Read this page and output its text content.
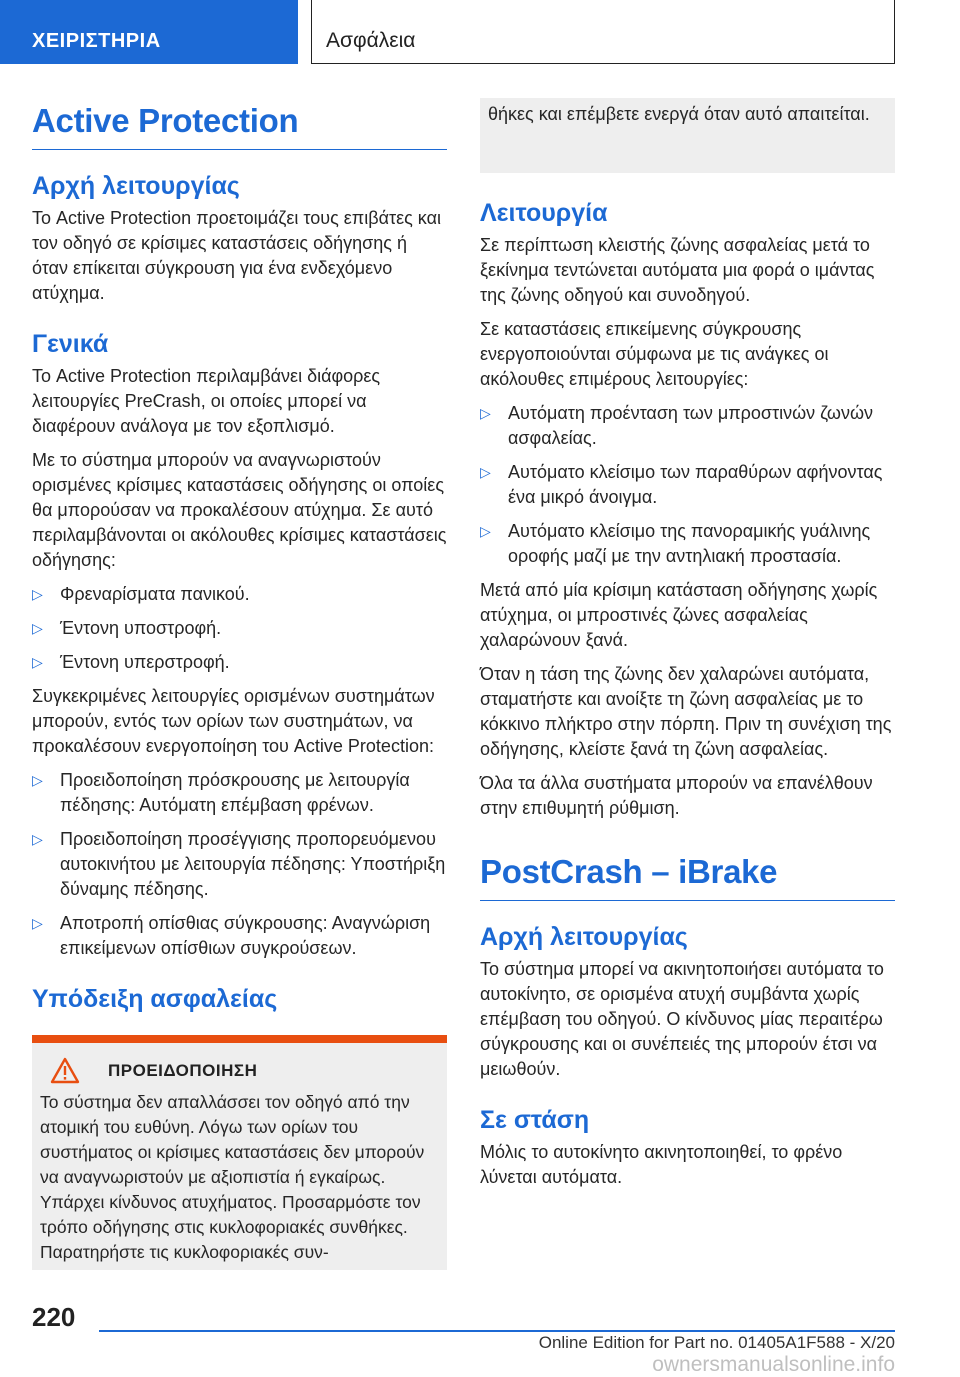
ΧΕΙΡΙΣΤΗΡΙΑ	Ασφάλεια
Active Protection
Αρχή λειτουργίας

Το Active Protection προετοιμάζει τους επιβάτες και τον οδηγό σε κρίσιμες καταστάσεις οδήγησης ή όταν επίκειται σύγκρουση για ένα ενδεχόμενο ατύχημα.

Γενικά

Το Active Protection περιλαμβάνει διάφορες λειτουργίες PreCrash, οι οποίες μπορεί να διαφέρουν ανάλογα με τον εξοπλισμό.

Με το σύστημα μπορούν να αναγνωριστούν ορισμένες κρίσιμες καταστάσεις οδήγησης οι οποίες θα μπορούσαν να προκαλέσουν ατύχημα. Σε αυτό περιλαμβάνονται οι ακόλουθες κρίσιμες καταστάσεις οδήγησης:

▷ Φρεναρίσματα πανικού.
▷ Έντονη υποστροφή.
▷ Έντονη υπερστροφή.

Συγκεκριμένες λειτουργίες ορισμένων συστημάτων μπορούν, εντός των ορίων των συστημάτων, να προκαλέσουν ενεργοποίηση του Active Protection:

▷ Προειδοποίηση πρόσκρουσης με λειτουργία πέδησης: Αυτόματη επέμβαση φρένων.
▷ Προειδοποίηση προσέγγισης προπορευόμενου αυτοκινήτου με λειτουργία πέδησης: Υποστήριξη δύναμης πέδησης.
▷ Αποτροπή οπίσθιας σύγκρουσης: Αναγνώριση επικείμενων οπίσθιων συγκρούσεων.
Υπόδειξη ασφαλείας
ΠΡΟΕΙΔΟΠΟΙΗΣΗ

Το σύστημα δεν απαλλάσσει τον οδηγό από την ατομική του ευθύνη. Λόγω των ορίων του συστήματος οι κρίσιμες καταστάσεις δεν μπορούν να αναγνωριστούν με αξιοπιστία ή εγκαίρως. Υπάρχει κίνδυνος ατυχήματος. Προσαρμόστε τον τρόπο οδήγησης στις κυκλοφοριακές συνθήκες. Παρατηρήστε τις κυκλοφοριακές συν-

θήκες και επέμβετε ενεργά όταν αυτό απαιτείται.

Λειτουργία

Σε περίπτωση κλειστής ζώνης ασφαλείας μετά το ξεκίνημα τεντώνεται αυτόματα μια φορά ο ιμάντας της ζώνης οδηγού και συνοδηγού.

Σε καταστάσεις επικείμενης σύγκρουσης ενεργοποιούνται σύμφωνα με τις ανάγκες οι ακόλουθες επιμέρους λειτουργίες:

▷ Αυτόματη προένταση των μπροστινών ζωνών ασφαλείας.
▷ Αυτόματο κλείσιμο των παραθύρων αφήνοντας ένα μικρό άνοιγμα.
▷ Αυτόματο κλείσιμο της πανοραμικής γυάλινης οροφής μαζί με την αντηλιακή προστασία.

Μετά από μία κρίσιμη κατάσταση οδήγησης χωρίς ατύχημα, οι μπροστινές ζώνες ασφαλείας χαλαρώνουν ξανά.

Όταν η τάση της ζώνης δεν χαλαρώνει αυτόματα, σταματήστε και ανοίξτε τη ζώνη ασφαλείας με το κόκκινο πλήκτρο στην πόρπη. Πριν τη συνέχιση της οδήγησης, κλείστε ξανά τη ζώνη ασφαλείας.

Όλα τα άλλα συστήματα μπορούν να επανέλθουν στην επιθυμητή ρύθμιση.

PostCrash – iBrake
Αρχή λειτουργίας

Το σύστημα μπορεί να ακινητοποιήσει αυτόματα το αυτοκίνητο, σε ορισμένα ατυχή συμβάντα χωρίς επέμβαση του οδηγού. Ο κίνδυνος μίας περαιτέρω σύγκρουσης και οι συνέπειές της μπορούν έτσι να μειωθούν.

Σε στάση

Μόλις το αυτοκίνητο ακινητοποιηθεί, το φρένο λύνεται αυτόματα.

220
Online Edition for Part no. 01405A1F588 - X/20 ownersmanualsonline.info
